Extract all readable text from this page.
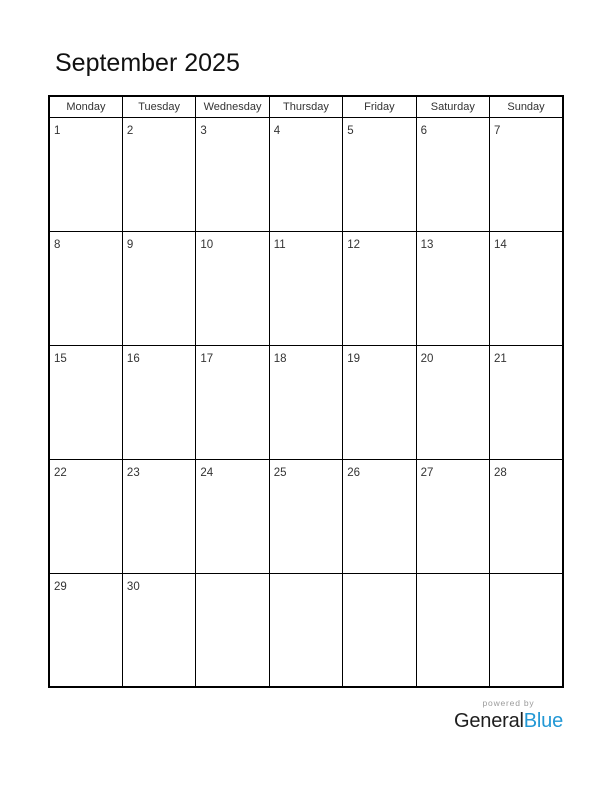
September 2025
Monday	Tuesday	Wednesday	Thursday	Friday	Saturday	Sunday
1	2	3	4	5	6	7
8	9	10	11	12	13	14
15	16	17	18	19	20	21
22	23	24	25	26	27	28
29	30					
powered by
GeneralBlue
